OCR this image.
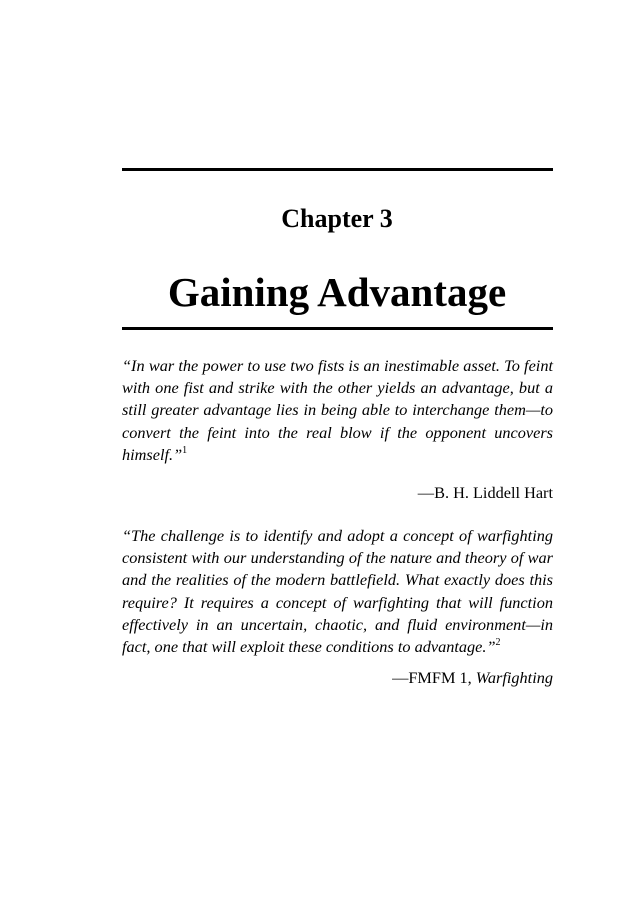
Chapter 3
Gaining Advantage
“In war the power to use two fists is an inestimable asset. To feint with one fist and strike with the other yields an advantage, but a still greater advantage lies in being able to interchange them—to convert the feint into the real blow if the opponent uncovers himself.”$^1$
—B. H. Liddell Hart
“The challenge is to identify and adopt a concept of warfighting consistent with our understanding of the nature and theory of war and the realities of the modern battlefield. What exactly does this require? It requires a concept of warfighting that will function effectively in an uncertain, chaotic, and fluid environment—in fact, one that will exploit these conditions to advantage.”$^2$
—FMFM 1, Warfighting
